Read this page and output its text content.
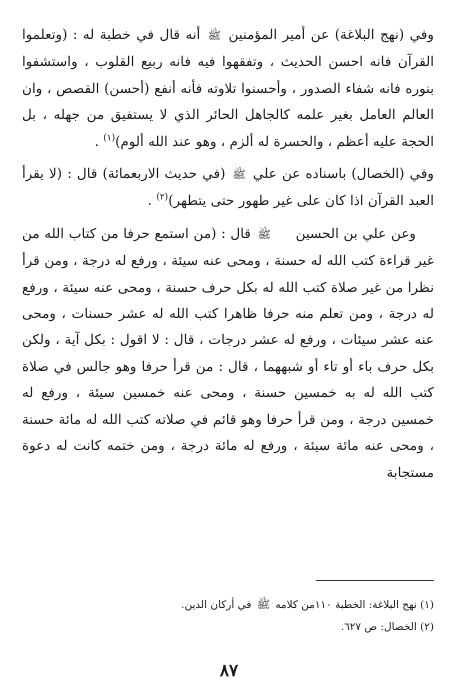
وفي (نهج البلاغة) عن أمير المؤمنين ﷺ أنه قال في خطبة له : (وتعلموا القرآن فانه احسن الحديث ، وتفقهوا فيه فانه ربيع القلوب ، واستشفوا بنوره فانه شفاء الصدور ، وأحسنوا تلاوته فأنه أنفع (أحسن) القصص ، وان العالم العامل بغير علمه كالجاهل الحائر الذي لا يستفيق من جهله ، بل الحجة عليه أعظم ، والحسرة له ألزم ، وهو عند الله ألوم)$^{(١)}$ .

وفي (الخصال) باسناده عن علي ﷺ (في حديث الاربعمائة) قال : (لا يقرأ العبد القرآن اذا كان على غير طهور حتى يتطهر)$^{(٢)}$ .

وعن علي بن الحسين ﷺ قال : (من استمع حرفا من كتاب الله من غير قراءة كتب الله له حسنة ، ومحى عنه سيئة ، ورفع له درجة ، ومن قرأ نظرا من غير صلاة كتب الله له بكل حرف حسنة ، ومحى عنه سيئة ، ورفع له درجة ، ومن تعلم منه حرفا ظاهرا كتب الله له عشر حسنات ، ومحى عنه عشر سيئات ، ورفع له عشر درجات ، قال : لا اقول : بكل آية ، ولكن بكل حرف باء أو تاء أو شبههما ، قال : من قرأ حرفا وهو جالس في صلاة كتب الله له به خمسين حسنة ، ومحى عنه خمسين سيئة ، ورفع له خمسين درجة ، ومن قرأ حرفا وهو قائم في صلاته كتب الله له مائة حسنة ، ومحى عنه مائة سيئة ، ورفع له مائة درجة ، ومن ختمه كانت له دعوة مستجابة

(١) نهج البلاغة: الخطبة ١١٠من كلامه ﷺ في أركان الدين.

(٢) الخصال: ص ٦٢٧.

٨٧
